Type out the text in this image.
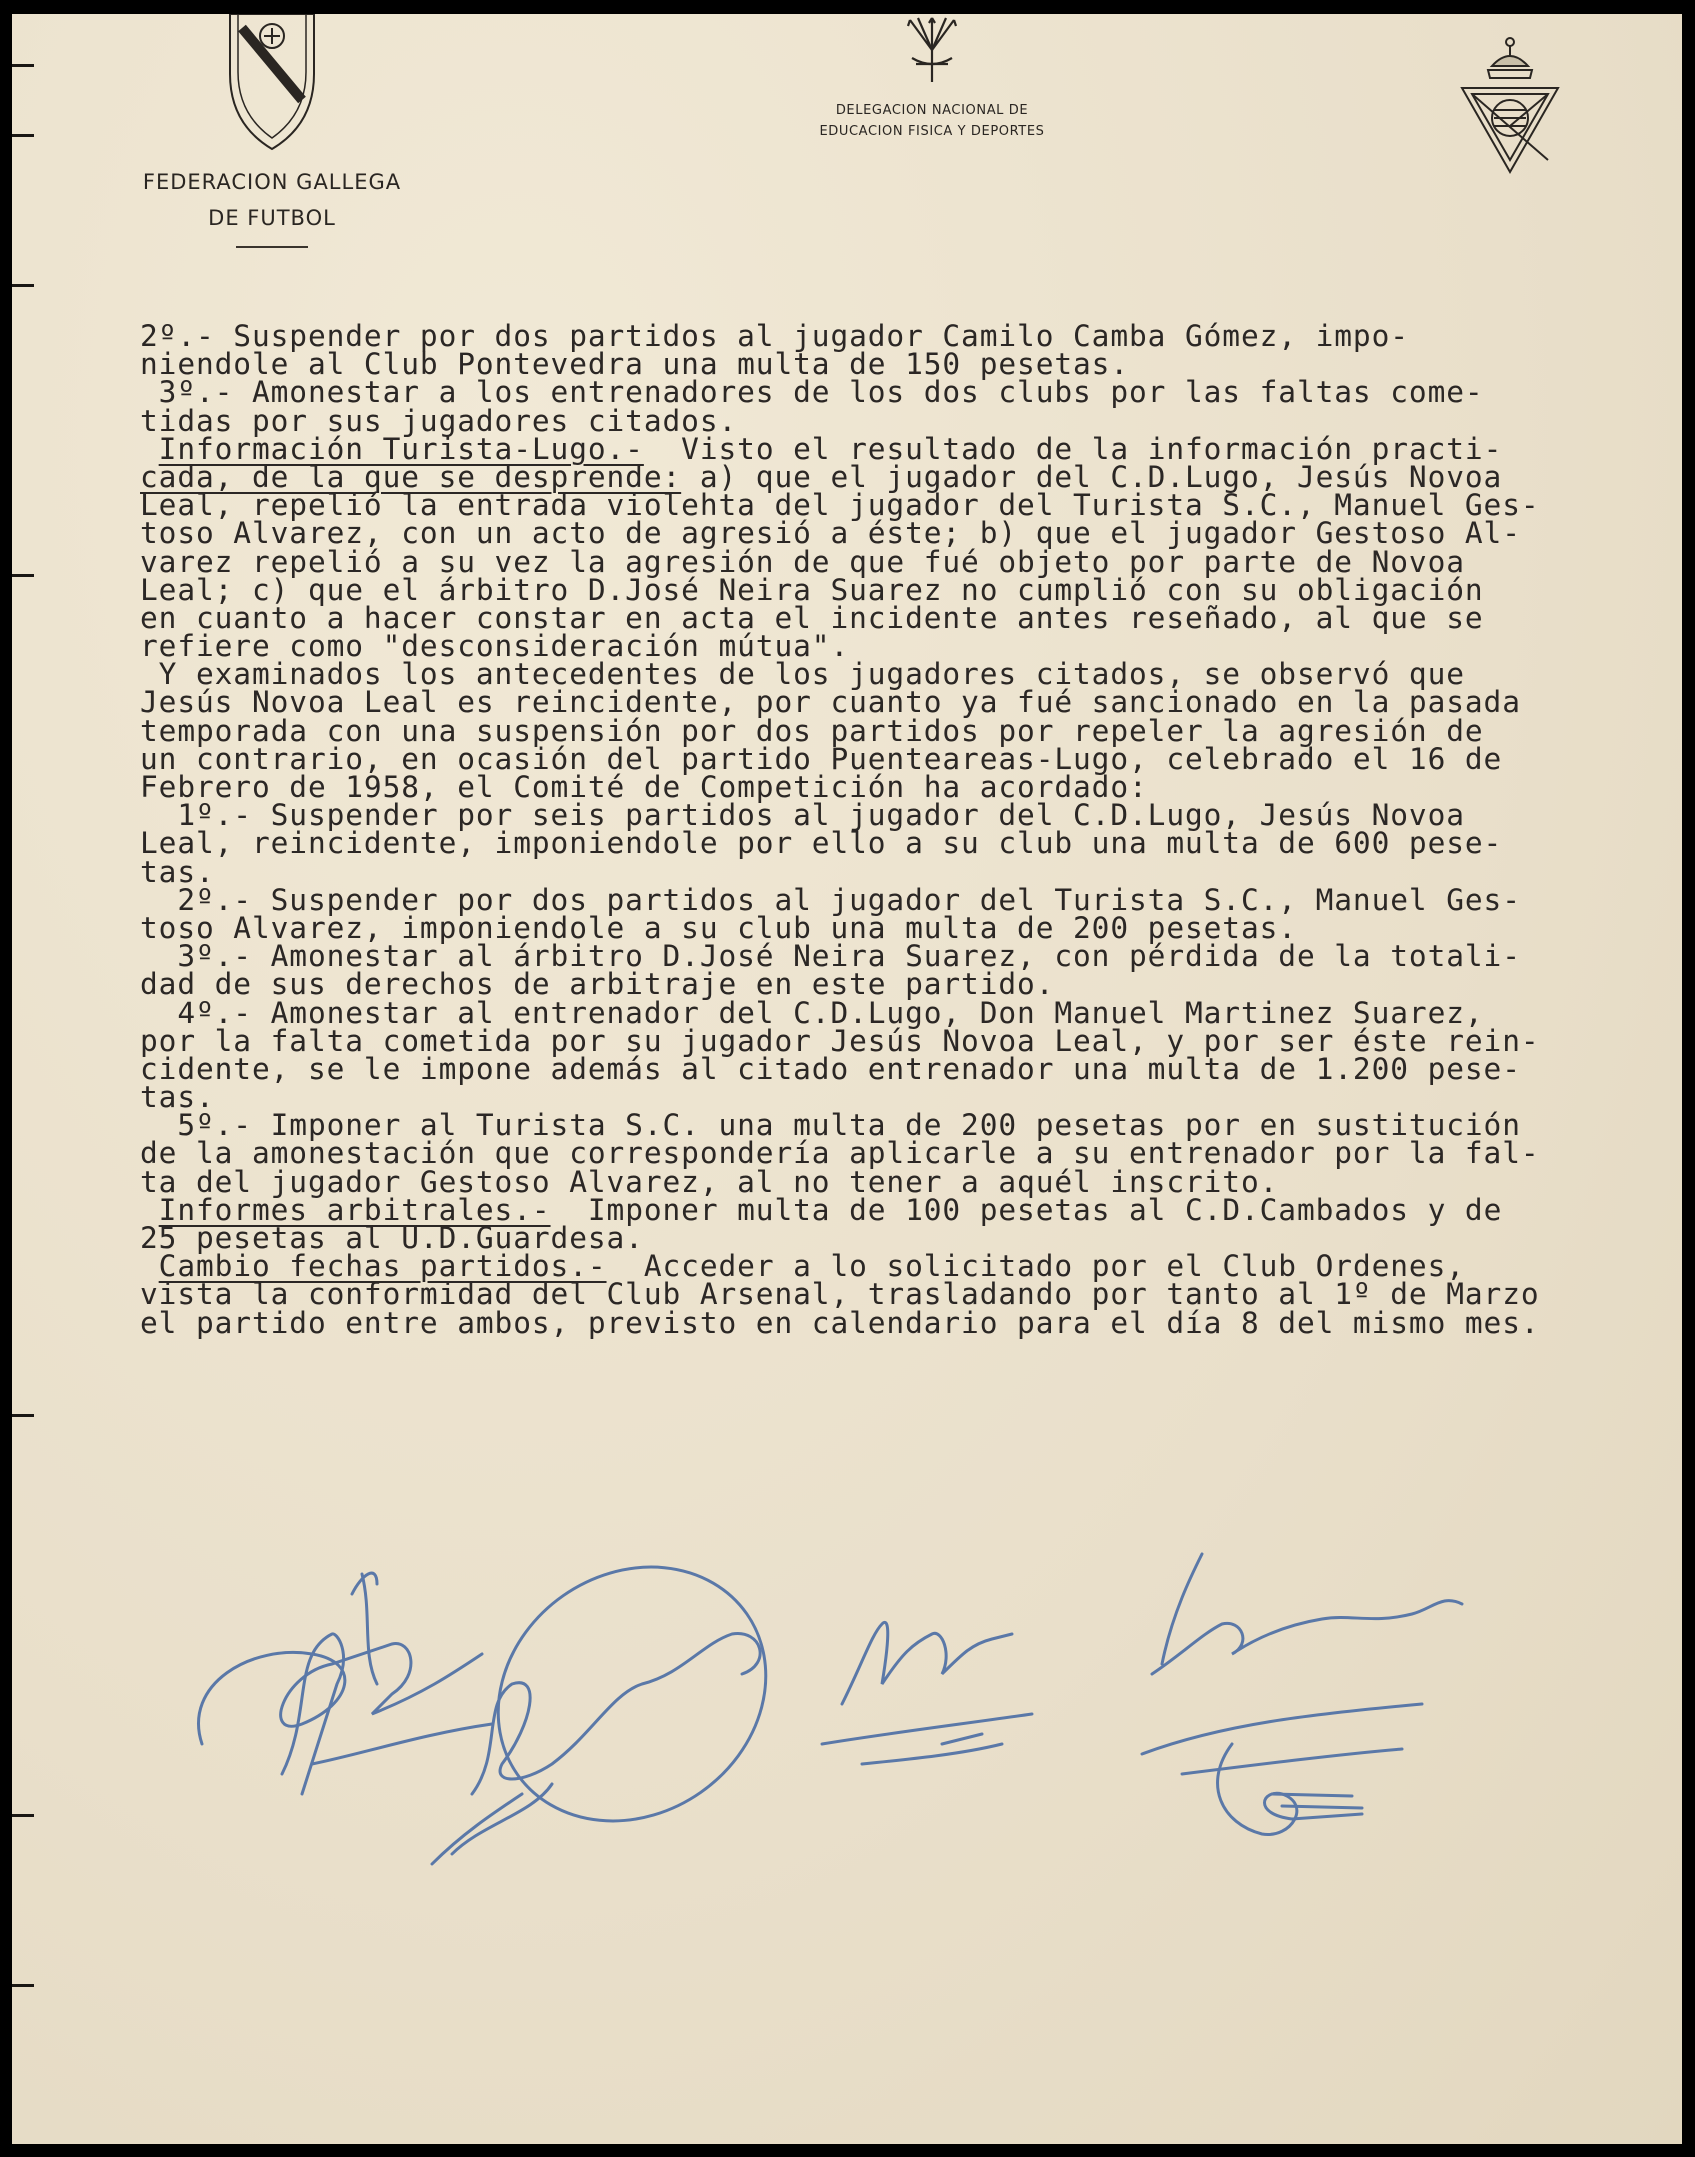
FEDERACION GALLEGA
DE FUTBOL
DELEGACION NACIONAL DE
EDUCACION FISICA Y DEPORTES
2º.- Suspender por dos partidos al jugador Camilo Camba Gómez, impo-
niendole al Club Pontevedra una multa de 150 pesetas.
3º.- Amonestar a los entrenadores de los dos clubs por las faltas come-
tidas por sus jugadores citados.
Información Turista-Lugo.-  Visto el resultado de la información practi-
cada, de la que se desprende: a) que el jugador del C.D.Lugo, Jesús Novoa
Leal, repelió la entrada violehta del jugador del Turista S.C., Manuel Ges-
toso Alvarez, con un acto de agresió a éste; b) que el jugador Gestoso Al-
varez repelió a su vez la agresión de que fué objeto por parte de Novoa
Leal; c) que el árbitro D.José Neira Suarez no cumplió con su obligación
en cuanto a hacer constar en acta el incidente antes reseñado, al que se
refiere como "desconsideración mútua".
Y examinados los antecedentes de los jugadores citados, se observó que
Jesús Novoa Leal es reincidente, por cuanto ya fué sancionado en la pasada
temporada con una suspensión por dos partidos por repeler la agresión de
un contrario, en ocasión del partido Puenteareas-Lugo, celebrado el 16 de
Febrero de 1958, el Comité de Competición ha acordado:
1º.- Suspender por seis partidos al jugador del C.D.Lugo, Jesús Novoa
Leal, reincidente, imponiendole por ello a su club una multa de 600 pese-
tas.
2º.- Suspender por dos partidos al jugador del Turista S.C., Manuel Ges-
toso Alvarez, imponiendole a su club una multa de 200 pesetas.
3º.- Amonestar al árbitro D.José Neira Suarez, con pérdida de la totali-
dad de sus derechos de arbitraje en este partido.
4º.- Amonestar al entrenador del C.D.Lugo, Don Manuel Martinez Suarez,
por la falta cometida por su jugador Jesús Novoa Leal, y por ser éste rein-
cidente, se le impone además al citado entrenador una multa de 1.200 pese-
tas.
5º.- Imponer al Turista S.C. una multa de 200 pesetas por en sustitución
de la amonestación que correspondería aplicarle a su entrenador por la fal-
ta del jugador Gestoso Alvarez, al no tener a aquél inscrito.
Informes arbitrales.-  Imponer multa de 100 pesetas al C.D.Cambados y de
25 pesetas al U.D.Guardesa.
Cambio fechas partidos.-  Acceder a lo solicitado por el Club Ordenes,
vista la conformidad del Club Arsenal, trasladando por tanto al 1º de Marzo
el partido entre ambos, previsto en calendario para el día 8 del mismo mes.
